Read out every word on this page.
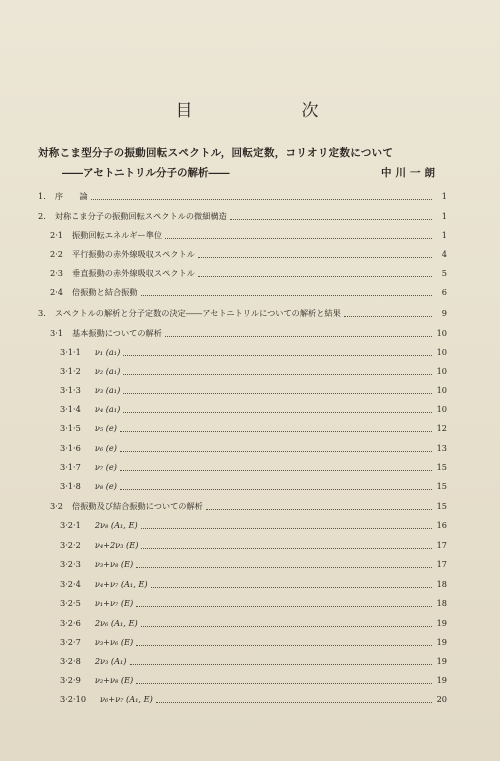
目　次
対称こま型分子の振動回転スペクトル，回転定数，コリオリ定数について
――アセトニトリル分子の解析――	中川一朗
1. 序　　論	1
2. 対称こま分子の振動回転スペクトルの微細構造	1
2·1 振動回転エネルギー準位	1
2·2 平行振動の赤外線吸収スペクトル	4
2·3 垂直振動の赤外線吸収スペクトル	5
2·4 倍振動と結合振動	6
3. スペクトルの解析と分子定数の決定――アセトニトリルについての解析と結果	9
3·1 基本振動についての解析	10
3·1·1 ν₁ (a₁)	10
3·1·2 ν₂ (a₁)	10
3·1·3 ν₃ (a₁)	10
3·1·4 ν₄ (a₁)	10
3·1·5 ν₅ (e)	12
3·1·6 ν₆ (e)	13
3·1·7 ν₇ (e)	15
3·1·8 ν₈ (e)	15
3·2 倍振動及び結合振動についての解析	15
3·2·1 2ν₈ (A₁, E)	16
3·2·2 ν₄+2ν₃ (E)	17
3·2·3 ν₃+ν₈ (E)	17
3·2·4 ν₄+ν₇ (A₁, E)	18
3·2·5 ν₁+ν₇ (E)	18
3·2·6 2ν₆ (A₁, E)	19
3·2·7 ν₃+ν₆ (E)	19
3·2·8 2ν₃ (A₁)	19
3·2·9 ν₂+ν₈ (E)	19
3·2·10 ν₆+ν₇ (A₁, E)	20
